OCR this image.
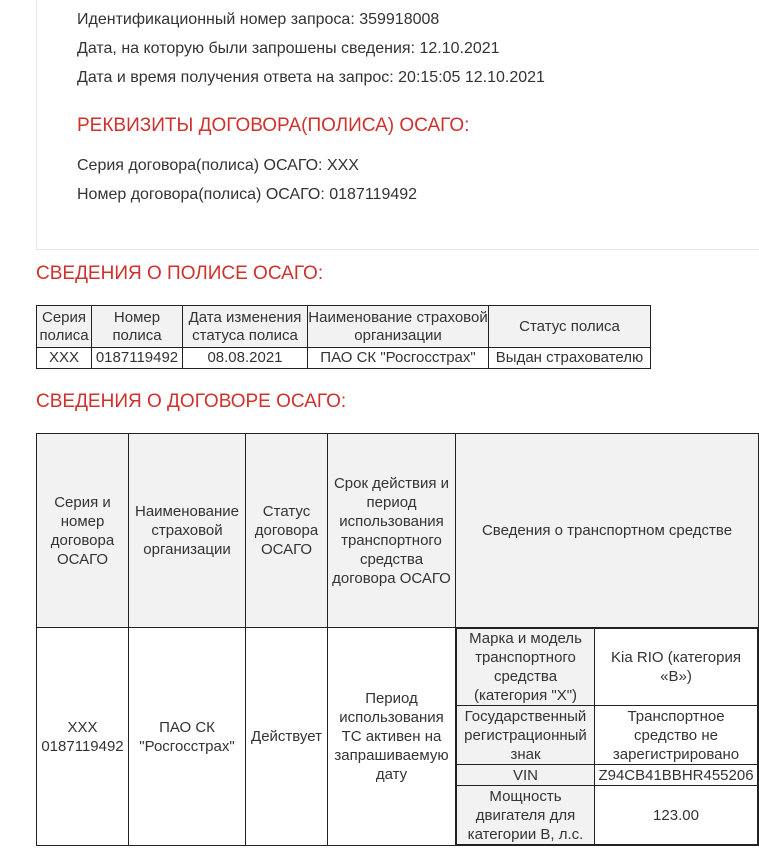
Идентификационный номер запроса: 359918008
Дата, на которую были запрошены сведения: 12.10.2021
Дата и время получения ответа на запрос: 20:15:05 12.10.2021
РЕКВИЗИТЫ ДОГОВОРА(ПОЛИСА) ОСАГО:
Серия договора(полиса) ОСАГО: ХХХ
Номер договора(полиса) ОСАГО: 0187119492
СВЕДЕНИЯ О ПОЛИСЕ ОСАГО:
Серия полиса	Номер полиса	Дата изменения статуса полиса	Наименование страховой организации	Статус полиса
ХХХ	0187119492	08.08.2021	ПАО СК "Росгосстрах"	Выдан страхователю
СВЕДЕНИЯ О ДОГОВОРЕ ОСАГО:
Серия и номер договора ОСАГО	Наименование страховой организации	Статус договора ОСАГО	Срок действия и период использования транспортного средства договора ОСАГО	Сведения о транспортном средстве
ХХХ 0187119492	ПАО СК "Росгосстрах"	Действует	Период использования ТС активен на запрашиваемую дату	
Марка и модель транспортного средства (категория "Х")	Kia RIO (категория «B»)
Государственный регистрационный знак	Транспортное средство не зарегистрировано
VIN	Z94CB41BBHR455206
Мощность двигателя для категории B, л.с.	123.00
